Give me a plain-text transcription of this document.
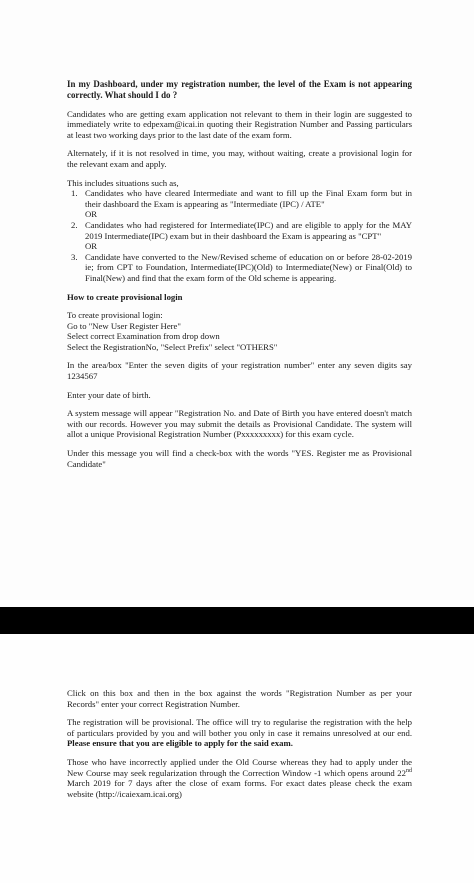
In my Dashboard, under my registration number, the level of the Exam is not appearing correctly. What should I do ?

Candidates who are getting exam application not relevant to them in their login are suggested to immediately write to edpexam@icai.in quoting their Registration Number and Passing particulars at least two working days prior to the last date of the exam form.

Alternately, if it is not resolved in time, you may, without waiting, create a provisional login for the relevant exam and apply.

This includes situations such as,

1. Candidates who have cleared Intermediate and want to fill up the Final Exam form but in their dashboard the Exam is appearing as "Intermediate (IPC) / ATE"
OR
2. Candidates who had registered for Intermediate(IPC) and are eligible to apply for the MAY 2019 Intermediate(IPC) exam but in their dashboard the Exam is appearing as "CPT"
OR
3. Candidate have converted to the New/Revised scheme of education on or before 28-02-2019 ie; from CPT to Foundation, Intermediate(IPC)(Old) to Intermediate(New) or Final(Old) to Final(New) and find that the exam form of the Old scheme is appearing.

How to create provisional login

To create provisional login:

Go to "New User Register Here"

Select correct Examination from drop down

Select the RegistrationNo, "Select Prefix" select "OTHERS"

In the area/box "Enter the seven digits of your registration number" enter any seven digits say 1234567

Enter your date of birth.

A system message will appear "Registration No. and Date of Birth you have entered doesn't match with our records. However you may submit the details as Provisional Candidate. The system will allot a unique Provisional Registration Number (Pxxxxxxxxx) for this exam cycle.

Under this message you will find a check-box with the words "YES. Register me as Provisional Candidate"

Click on this box and then in the box against the words "Registration Number as per your Records" enter your correct Registration Number.

The registration will be provisional. The office will try to regularise the registration with the help of particulars provided by you and will bother you only in case it remains unresolved at our end. Please ensure that you are eligible to apply for the said exam.

Those who have incorrectly applied under the Old Course whereas they had to apply under the New Course may seek regularization through the Correction Window -1 which opens around 22nd March 2019 for 7 days after the close of exam forms. For exact dates please check the exam website (http://icaiexam.icai.org)
